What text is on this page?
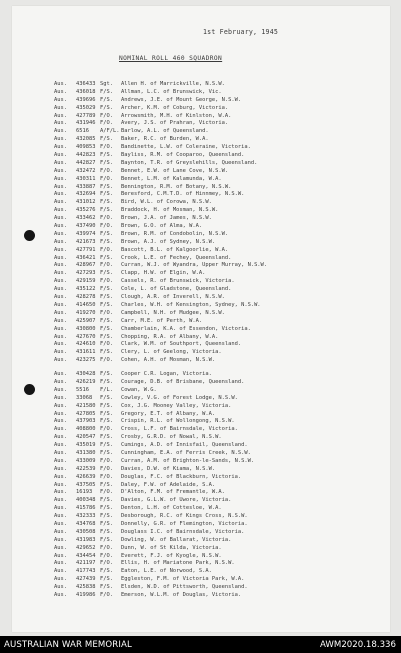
1st February, 1945
NOMINAL ROLL 460 SQUADRON
Aus. 436433 Sgt. Allen H. of Marrickville, N.S.W.
Aus. 436018 F/S. Allman, L.C. of Brunswick, Vic.
Aus. 439696 F/S. Andrews, J.E. of Mount George, N.S.W.
Aus. 435029 F/S. Archer, K.M. of Coburg, Victoria.
Aus. 427789 F/O. Arrowsmith, M.H. of Kinlston, W.A.
Aus. 431946 F/O. Avery, J.S. of Prahran, Victoria.
Aus. 6516 A/F/L. Barlow, A.L. of Queensland.
Aus. 432085 F/S. Baker, R.C. of Burden, W.A.
Aus. 409853 F/O. Bandinette, L.W. of Coleraine, Victoria.
Aus. 442823 F/S. Bayliss, R.M. of Cooparoo, Queensland.
Aus. 442827 F/S. Baynton, T.R. of Greyslehills, Queensland.
Aus. 432472 F/O. Bennet, E.W. of Lane Cove, N.S.W.
Aus. 430311 F/O. Bennet, L.M. of Kalamunda, W.A.
Aus. 433887 F/S. Bennington, R.M. of Botany, N.S.W.
Aus. 432694 F/S. Beresford, C.M.T.D. of Hinnmey, N.S.W.
Aus. 431012 F/S. Bird, W.L. of Corowa, N.S.W.
Aus. 435276 F/S. Braddock, H. of Mosman, N.S.W.
Aus. 433462 F/O. Brown, J.A. of James, N.S.W.
Aus. 437490 F/O. Brown, G.O. of Alma, W.A.
Aus. 439974 F/S. Brown, R.M. of Condobolin, N.S.W.
Aus. 421673 F/S. Brown, A.J. of Sydney, N.S.W.
Aus. 427791 F/O. Bascott, B.L. of Kalgoorlie, W.A.
Aus. 436421 F/S. Crook, L.E. of Fechey, Queensland.
Aus. 428967 F/O. Curran, W.J. of Wyandra, Upper Murray, N.S.W.
Aus. 427293 F/S. Clapp, H.W. of Elgin, W.A.
Aus. 429159 F/O. Cassels, R. of Brunswick, Victoria.
Aus. 435122 F/S. Cole, L. of Gladstone, Queensland.
Aus. 428278 F/S. Clough, A.R. of Inverell, N.S.W.
Aus. 414650 F/S. Charles, W.H. of Kensington, Sydney, N.S.W.
Aus. 419270 F/O. Campbell, N.H. of Mudgee, N.S.W.
Aus. 425907 F/S. Carr, M.E. of Perth, W.A.
Aus. 430800 F/S. Chamberlain, K.A. of Essendon, Victoria.
Aus. 427670 F/S. Chopping, R.A. of Albany, W.A.
Aus. 424610 F/O. Clark, W.M. of Southport, Queensland.
Aus. 431611 F/S. Clery, L. of Geelong, Victoria.
Aus. 423275 F/O. Cohen, A.H. of Mosman, N.S.W.
Aus. 430428 F/S. Cooper C.R. Logan, Victoria.
Aus. 426219 F/S. Courage, D.B. of Brisbane, Queensland.
Aus. 5516 F/L. Cowan, W.G.
Aus. 33068 F/S. Cowley, V.G. of Forest Lodge, N.S.W.
Aus. 421580 F/S. Cox, J.G. Mooney Valley, Victoria.
Aus. 427805 F/S. Gregory, E.T. of Albany, W.A.
Aus. 437903 F/S. Crispin, R.L. of Wollongong, N.S.W.
Aus. 408800 F/O. Cross, L.F. of Bairnsdale, Victoria.
Aus. 420547 F/S. Crosby, G.R.D. of Nowal, N.S.W.
Aus. 435019 F/S. Cumings, A.D. of Innisfail, Queensland.
Aus. 431380 F/S. Cunningham, E.A. of Ferris Creek, N.S.W.
Aus. 433009 F/O. Curran, A.M. of Brighton-le-Sands, N.S.W.
Aus. 422539 F/O. Davies, D.W. of Kiama, N.S.W.
Aus. 426639 F/O. Douglas, F.C. of Blackburn, Victoria.
Aus. 437505 F/S. Daley, F.W. of Adelaide, S.A.
Aus. 16193 F/O. D'Alton, F.M. of Fremantle, W.A.
Aus. 400348 F/S. Davies, G.L.W. of Uwore, Victoria.
Aus. 415786 F/S. Denton, L.H. of Cottesloe, W.A.
Aus. 432333 F/S. Desborough, R.C. of Kings Cross, N.S.W.
Aus. 434768 F/S. Donnelly, G.R. of Flemington, Victoria.
Aus. 430508 F/S. Douglass I.C. of Bairnsdale, Victoria.
Aus. 431983 F/S. Dowling, W. of Ballarat, Victoria.
Aus. 429652 F/O. Dunn, W. of St Kilda, Victoria.
Aus. 434454 F/O. Everett, F.J. of Kyogle, N.S.W.
Aus. 421197 F/O. Ellis, H. of Mariatone Park, N.S.W.
Aus. 417743 F/S. Eaton, L.E. of Norwood, S.A.
Aus. 427439 F/S. Eggleston, F.M. of Victoria Park, W.A.
Aus. 425838 F/S. Elsden, W.D. of Pittsworth, Queensland.
Aus. 419986 F/O. Emerson, W.L.M. of Douglas, Victoria.
AUSTRALIAN WAR MEMORIAL	AWM2020.18.336
